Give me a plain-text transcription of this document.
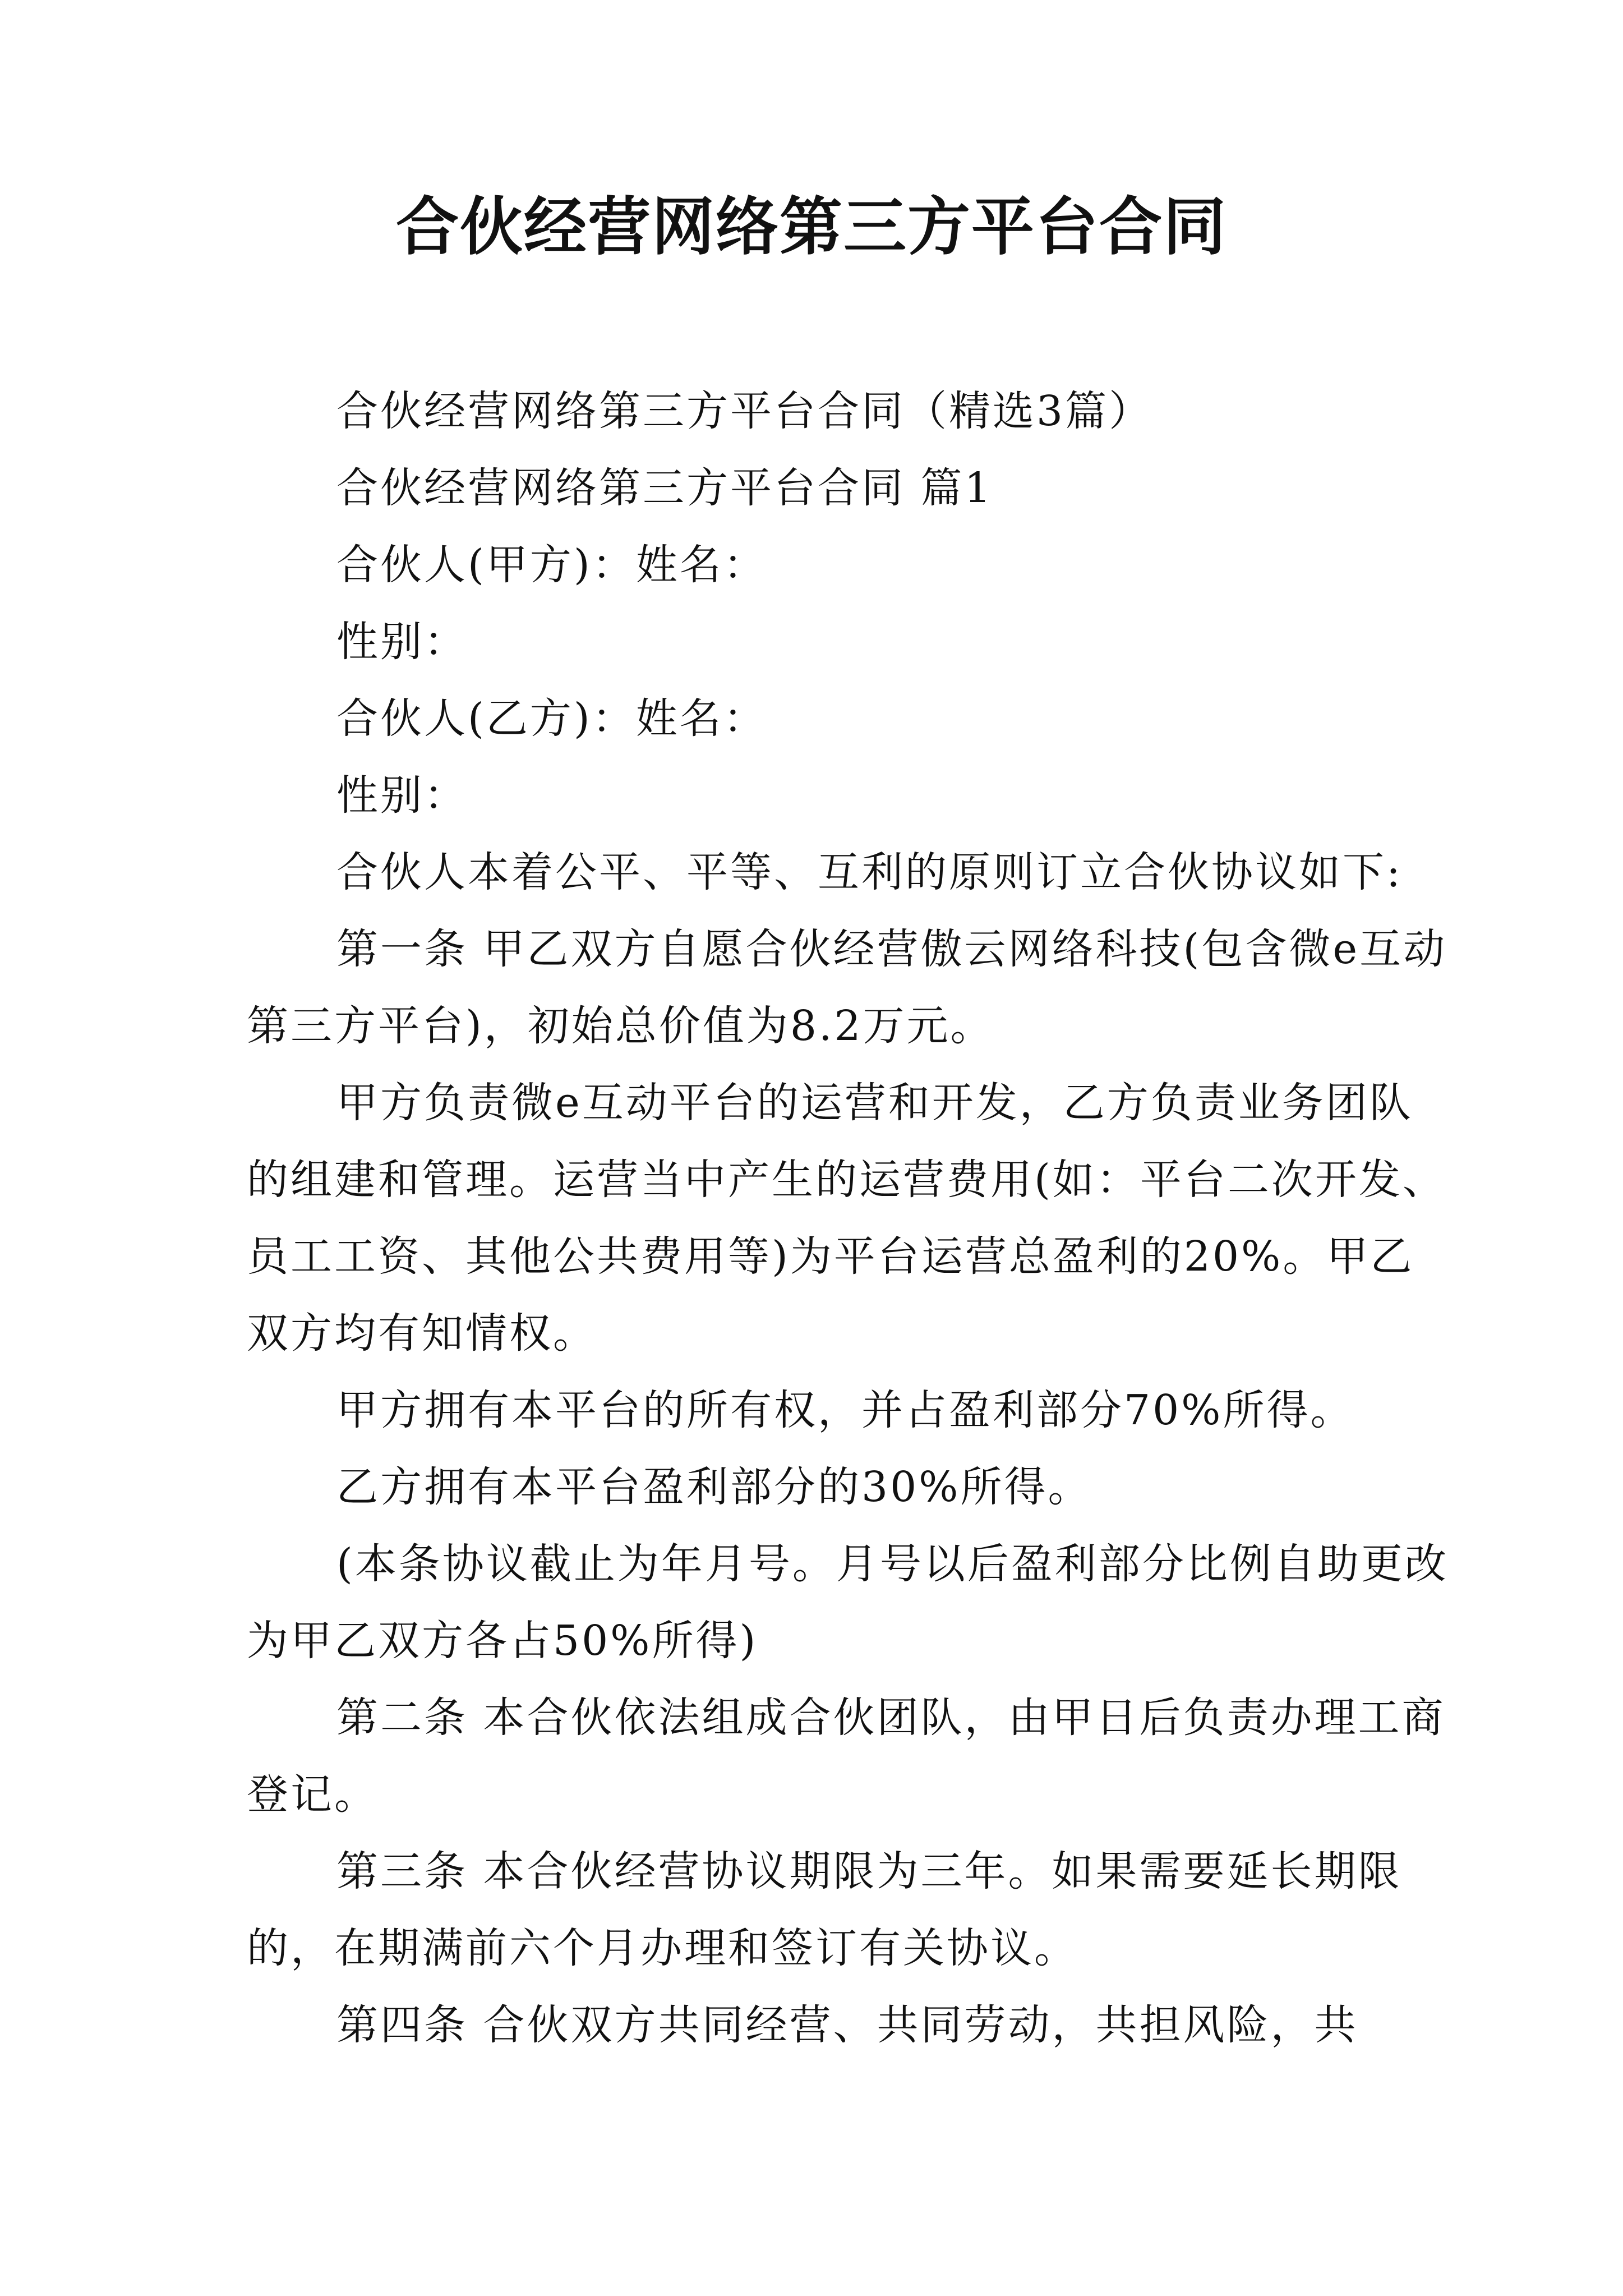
合伙经营网络第三方平台合同

合伙经营网络第三方平台合同（精选3篇）

合伙经营网络第三方平台合同 篇1

合伙人(甲方)：姓名：

性别：

合伙人(乙方)：姓名：

性别：

合伙人本着公平、平等、互利的原则订立合伙协议如下:

第一条 甲乙双方自愿合伙经营傲云网络科技(包含微e互动第三方平台)，初始总价值为8.2万元。

甲方负责微e互动平台的运营和开发，乙方负责业务团队的组建和管理。运营当中产生的运营费用(如：平台二次开发、员工工资、其他公共费用等)为平台运营总盈利的20%。甲乙双方均有知情权。

甲方拥有本平台的所有权，并占盈利部分70%所得。

乙方拥有本平台盈利部分的30%所得。

(本条协议截止为年月号。月号以后盈利部分比例自助更改为甲乙双方各占50%所得)

第二条 本合伙依法组成合伙团队，由甲日后负责办理工商登记。

第三条 本合伙经营协议期限为三年。如果需要延长期限的，在期满前六个月办理和签订有关协议。

第四条 合伙双方共同经营、共同劳动，共担风险，共
